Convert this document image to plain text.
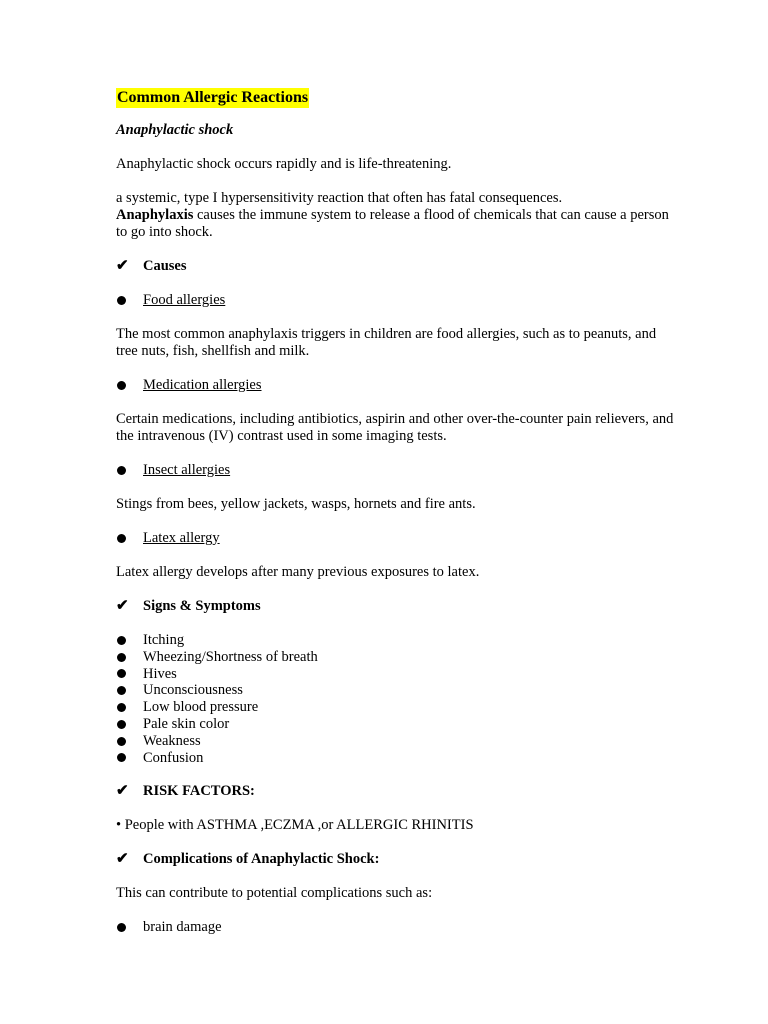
Common Allergic Reactions
Anaphylactic shock

Anaphylactic shock occurs rapidly and is life-threatening.

a systemic, type I hypersensitivity reaction that often has fatal consequences.
Anaphylaxis causes the immune system to release a flood of chemicals that can cause a person to go into shock.

✔ Causes
Food allergies

The most common anaphylaxis triggers in children are food allergies, such as to peanuts, and tree nuts, fish, shellfish and milk.

Medication allergies

Certain medications, including antibiotics, aspirin and other over-the-counter pain relievers, and the intravenous (IV) contrast used in some imaging tests.

Insect allergies

Stings from bees, yellow jackets, wasps, hornets and fire ants.

Latex allergy

Latex allergy develops after many previous exposures to latex.

✔ Signs & Symptoms
Itching
Wheezing/Shortness of breath
Hives
Unconsciousness
Low blood pressure
Pale skin color
Weakness
Confusion
✔ RISK FACTORS:

• People with ASTHMA ,ECZMA ,or ALLERGIC RHINITIS

✔ Complications of Anaphylactic Shock:

This can contribute to potential complications such as:

brain damage
